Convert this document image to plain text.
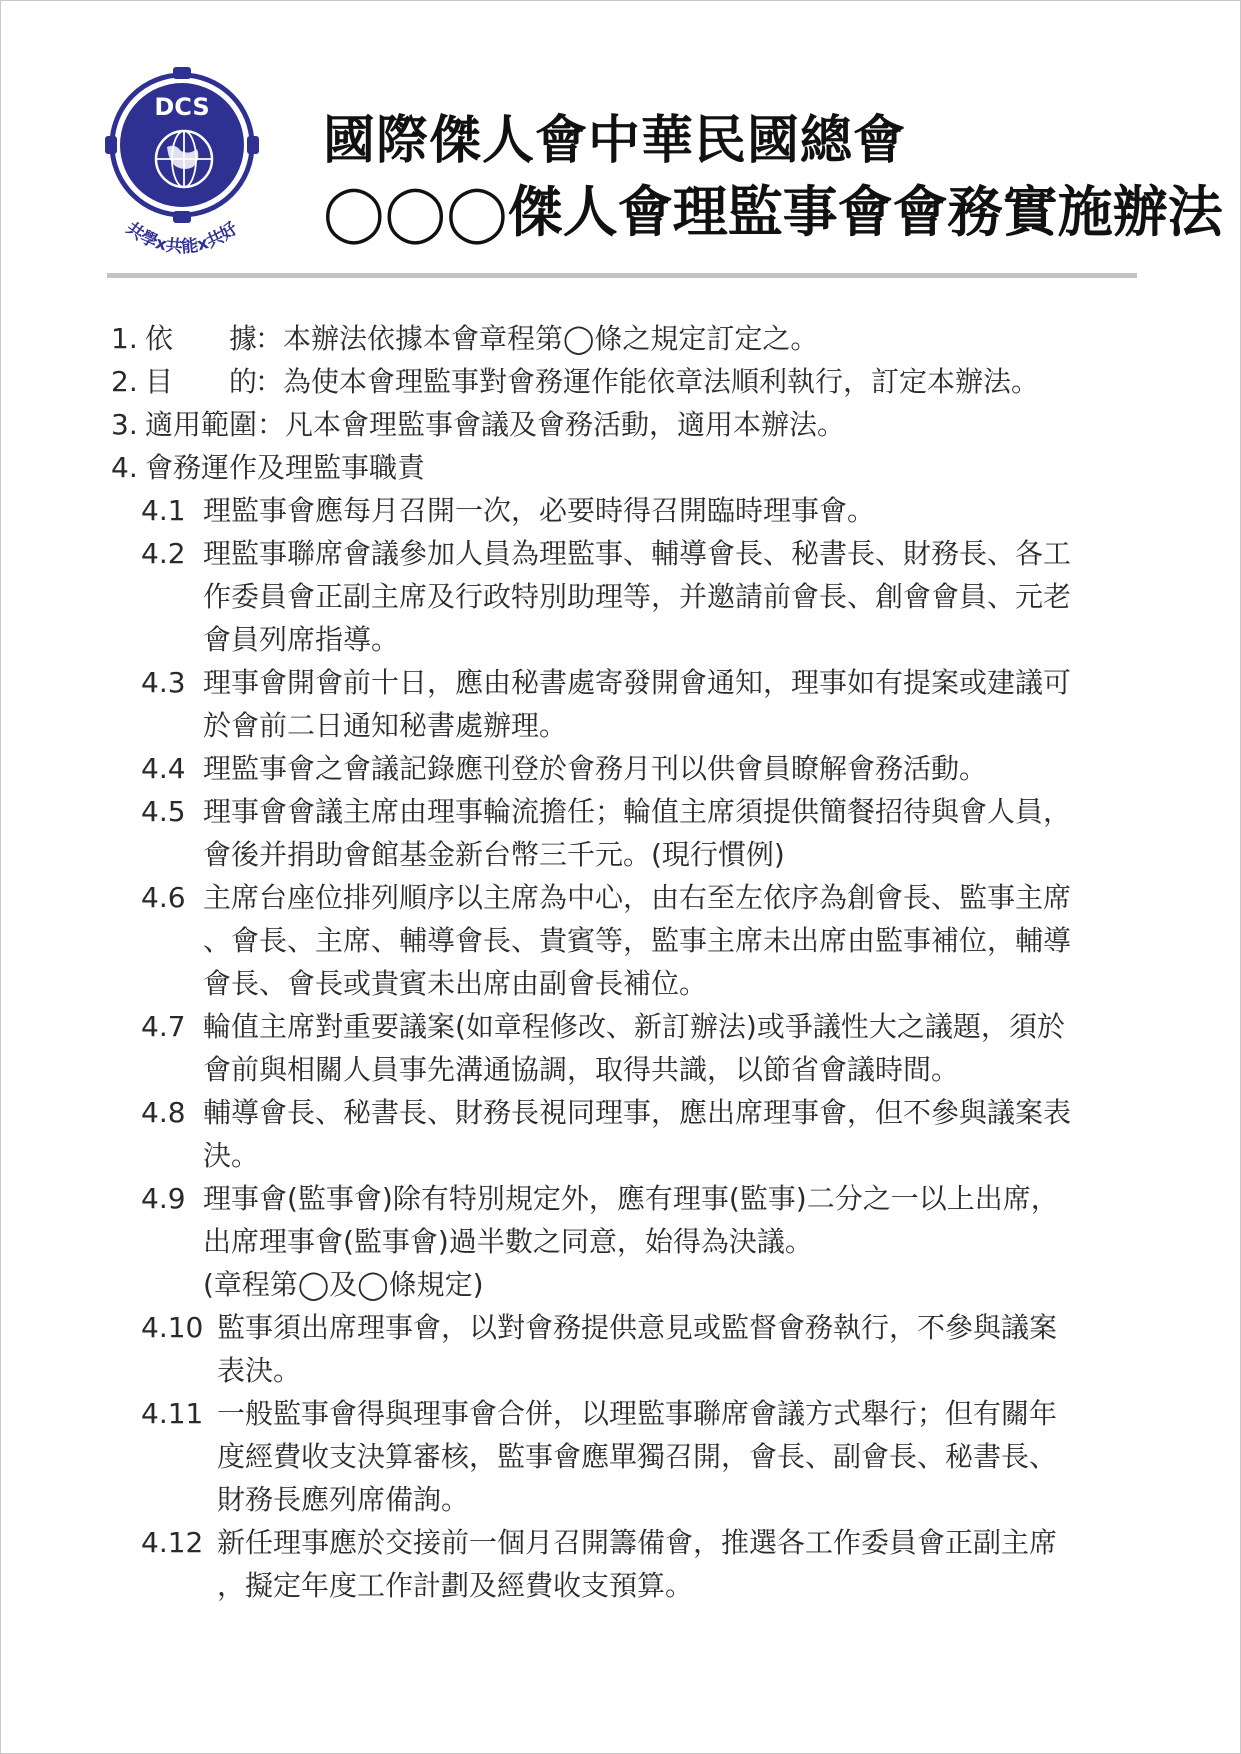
DCS
共學x共能x共好
國際傑人會中華民國總會
◯◯◯傑人會理監事會會務實施辦法
1. 依　　據
： 本辦法依據本會章程第◯條之規定訂定之。
2. 目　　的
： 為使本會理監事對會務運作能依章法順利執行，訂定本辦法。
3. 適用範圍 ： 凡本會理監事會議及會務活動，適用本辦法。
4. 會務運作及理監事職責
4.1 理監事會應每月召開一次，必要時得召開臨時理事會。
4.2 理監事聯席會議參加人員為理監事、輔導會長、秘書長、財務長、各工
作委員會正副主席及行政特別助理等，并邀請前會長、創會會員、元老
會員列席指導。
4.3 理事會開會前十日，應由秘書處寄發開會通知，理事如有提案或建議可
於會前二日通知秘書處辦理。
4.4 理監事會之會議記錄應刊登於會務月刊以供會員瞭解會務活動。
4.5 理事會會議主席由理事輪流擔任；輪值主席須提供簡餐招待與會人員，
會後并捐助會館基金新台幣三千元。(現行慣例)
4.6 主席台座位排列順序以主席為中心，由右至左依序為創會長、監事主席
、會長、主席、輔導會長、貴賓等，監事主席未出席由監事補位，輔導
會長、會長或貴賓未出席由副會長補位。
4.7 輪值主席對重要議案(如章程修改、新訂辦法)或爭議性大之議題，須於
會前與相關人員事先溝通協調，取得共識，以節省會議時間。
4.8 輔導會長、秘書長、財務長視同理事，應出席理事會，但不參與議案表
決。
4.9 理事會(監事會)除有特別規定外，應有理事(監事)二分之一以上出席，
出席理事會(監事會)過半數之同意，始得為決議。
(章程第◯及◯條規定)
4.10 監事須出席理事會，以對會務提供意見或監督會務執行，不參與議案
表決。
4.11 一般監事會得與理事會合併，以理監事聯席會議方式舉行；但有關年
度經費收支決算審核，監事會應單獨召開，會長、副會長、秘書長、
財務長應列席備詢。
4.12 新任理事應於交接前一個月召開籌備會，推選各工作委員會正副主席
，擬定年度工作計劃及經費收支預算。
